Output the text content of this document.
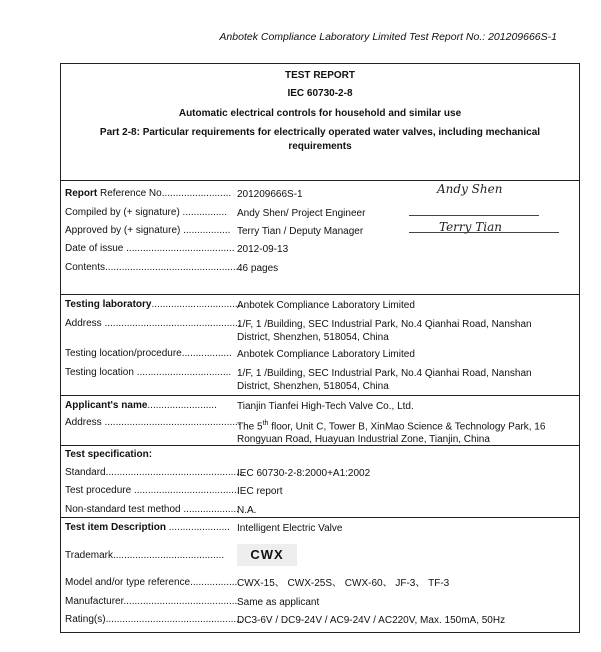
Anbotek Compliance Laboratory Limited Test Report No.: 201209666S-1
TEST REPORT
IEC 60730-2-8
Automatic electrical controls for household and similar use
Part 2-8: Particular requirements for electrically operated water valves, including mechanical requirements
Report Reference No......................... 201209666S-1
Compiled by (+ signature) ................ Andy Shen/ Project Engineer
Approved by (+ signature) ................. Terry Tian / Deputy Manager
Date of issue ....................................... 2012-09-13
Contents.................................................
46 pages
Andy Shen
Terry Tian
Testing laboratory..................................
Anbotek Compliance Laboratory Limited
Address .................................................
1/F, 1 /Building, SEC Industrial Park, No.4 Qianhai Road, Nanshan District, Shenzhen, 518054, China
Testing location/procedure.................. Anbotek Compliance Laboratory Limited
Testing location .................................. 1/F, 1 /Building, SEC Industrial Park, No.4 Qianhai Road, Nanshan District, Shenzhen, 518054, China
Applicant's name......................... Tianjin Tianfei High-Tech Valve Co., Ltd.
Address .................................................
The 5th floor, Unit C, Tower B, XinMao Science & Technology Park, 16 Rongyuan Road, Huayuan Industrial Zone, Tianjin, China
Test specification:
Standard..................................................
IEC 60730-2-8:2000+A1:2002
Test procedure ......................................
IEC report
Non-standard test method ....................
N.A.
Test item Description ...................... Intelligent Electric Valve
Trademark........................................	CWX
Model and/or type reference..................
CWX-15、 CWX-25S、 CWX-60、 JF-3、 TF-3
Manufacturer..........................................
Same as applicant
Rating(s).................................................
DC3-6V / DC9-24V / AC9-24V / AC220V, Max. 150mA, 50Hz
